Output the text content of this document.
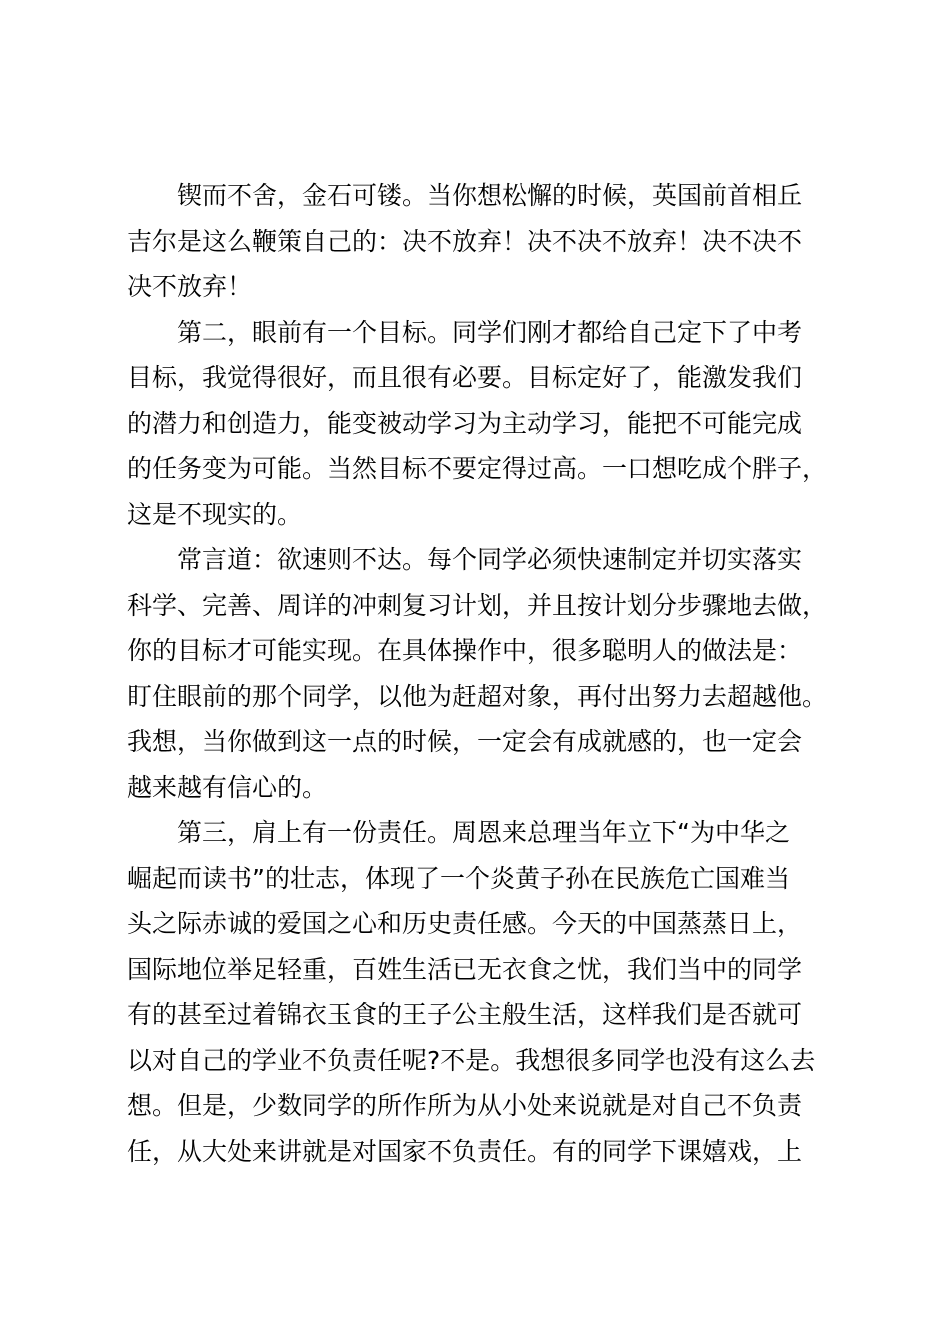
锲而不舍，金石可镂。当你想松懈的时候，英国前首相丘
吉尔是这么鞭策自己的：决不放弃！决不决不放弃！决不决不
决不放弃！
第二，眼前有一个目标。同学们刚才都给自己定下了中考
目标，我觉得很好，而且很有必要。目标定好了，能激发我们
的潜力和创造力，能变被动学习为主动学习，能把不可能完成
的任务变为可能。当然目标不要定得过高。一口想吃成个胖子，
这是不现实的。
常言道：欲速则不达。每个同学必须快速制定并切实落实
科学、完善、周详的冲刺复习计划，并且按计划分步骤地去做，
你的目标才可能实现。在具体操作中，很多聪明人的做法是：
盯住眼前的那个同学，以他为赶超对象，再付出努力去超越他。
我想，当你做到这一点的时候，一定会有成就感的，也一定会
越来越有信心的。
第三，肩上有一份责任。周恩来总理当年立下“为中华之
崛起而读书”的壮志，体现了一个炎黄子孙在民族危亡国难当
头之际赤诚的爱国之心和历史责任感。今天的中国蒸蒸日上，
国际地位举足轻重，百姓生活已无衣食之忧，我们当中的同学
有的甚至过着锦衣玉食的王子公主般生活，这样我们是否就可
以对自己的学业不负责任呢?不是。我想很多同学也没有这么去
想。但是，少数同学的所作所为从小处来说就是对自己不负责
任，从大处来讲就是对国家不负责任。有的同学下课嬉戏，上
